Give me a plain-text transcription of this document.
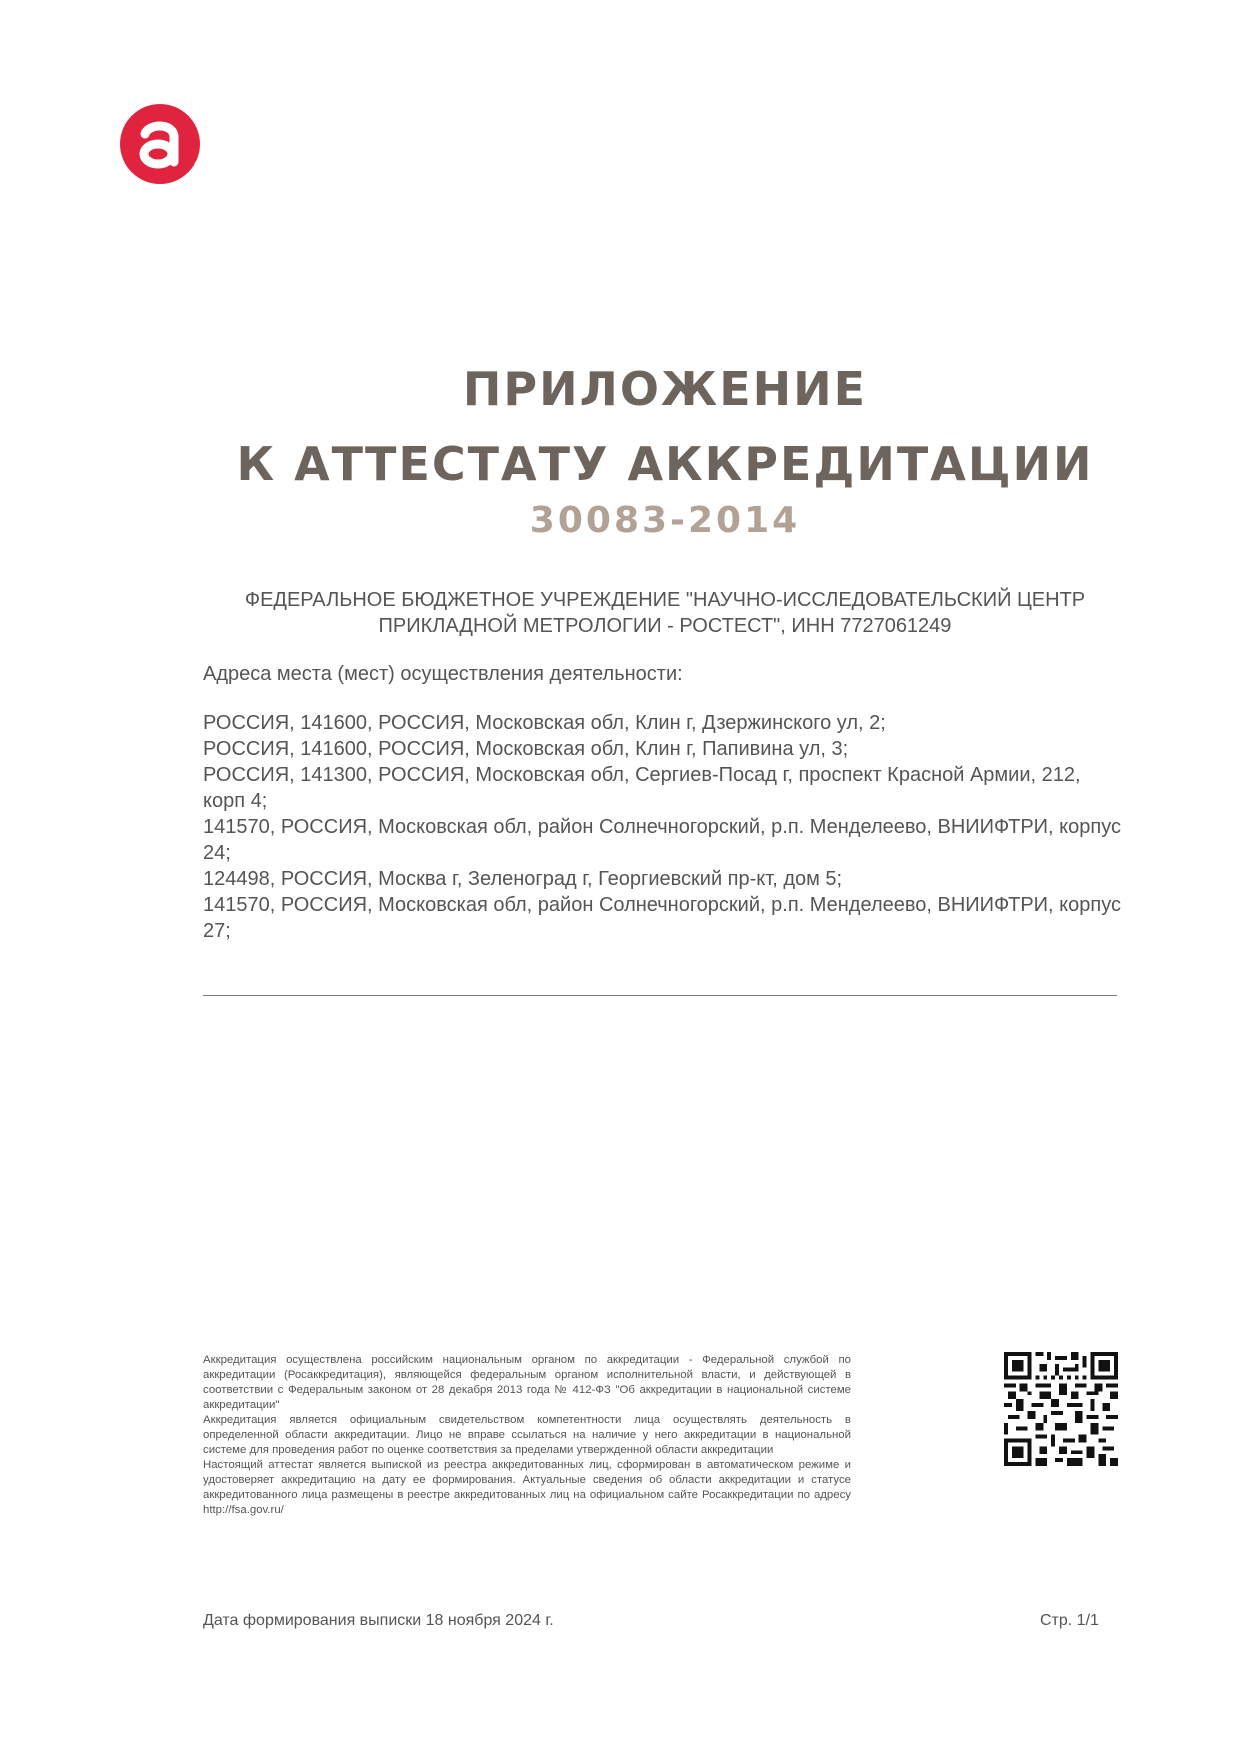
ПРИЛОЖЕНИЕ
К АТТЕСТАТУ АККРЕДИТАЦИИ
30083-2014
ФЕДЕРАЛЬНОЕ БЮДЖЕТНОЕ УЧРЕЖДЕНИЕ "НАУЧНО-ИССЛЕДОВАТЕЛЬСКИЙ ЦЕНТР
ПРИКЛАДНОЙ МЕТРОЛОГИИ - РОСТЕСТ", ИНН 7727061249
Адреса места (мест) осуществления деятельности:
РОССИЯ, 141600, РОССИЯ, Московская обл, Клин г, Дзержинского ул, 2;
РОССИЯ, 141600, РОССИЯ, Московская обл, Клин г, Папивина ул, 3;
РОССИЯ, 141300, РОССИЯ, Московская обл, Сергиев-Посад г, проспект Красной Армии, 212, корп 4;
141570, РОССИЯ, Московская обл, район Солнечногорский, р.п. Менделеево, ВНИИФТРИ, корпус 24;
124498, РОССИЯ, Москва г, Зеленоград г, Георгиевский пр-кт, дом 5;
141570, РОССИЯ, Московская обл, район Солнечногорский, р.п. Менделеево, ВНИИФТРИ, корпус 27;

Аккредитация осуществлена российским национальным органом по аккредитации - Федеральной службой по аккредитации (Росаккредитация), являющейся федеральным органом исполнительной власти, и действующей в соответствии с Федеральным законом от 28 декабря 2013 года № 412-ФЗ "Об аккредитации в национальной системе аккредитации"

Аккредитация является официальным свидетельством компетентности лица осуществлять деятельность в определенной области аккредитации. Лицо не вправе ссылаться на наличие у него аккредитации в национальной системе для проведения работ по оценке соответствия за пределами утвержденной области аккредитации

Настоящий аттестат является выпиской из реестра аккредитованных лиц, сформирован в автоматическом режиме и удостоверяет аккредитацию на дату ее формирования. Актуальные сведения об области аккредитации и статусе аккредитованного лица размещены в реестре аккредитованных лиц на официальном сайте Росаккредитации по адресу http://fsa.gov.ru/

Дата формирования выписки 18 ноября 2024 г.	Стр. 1/1
